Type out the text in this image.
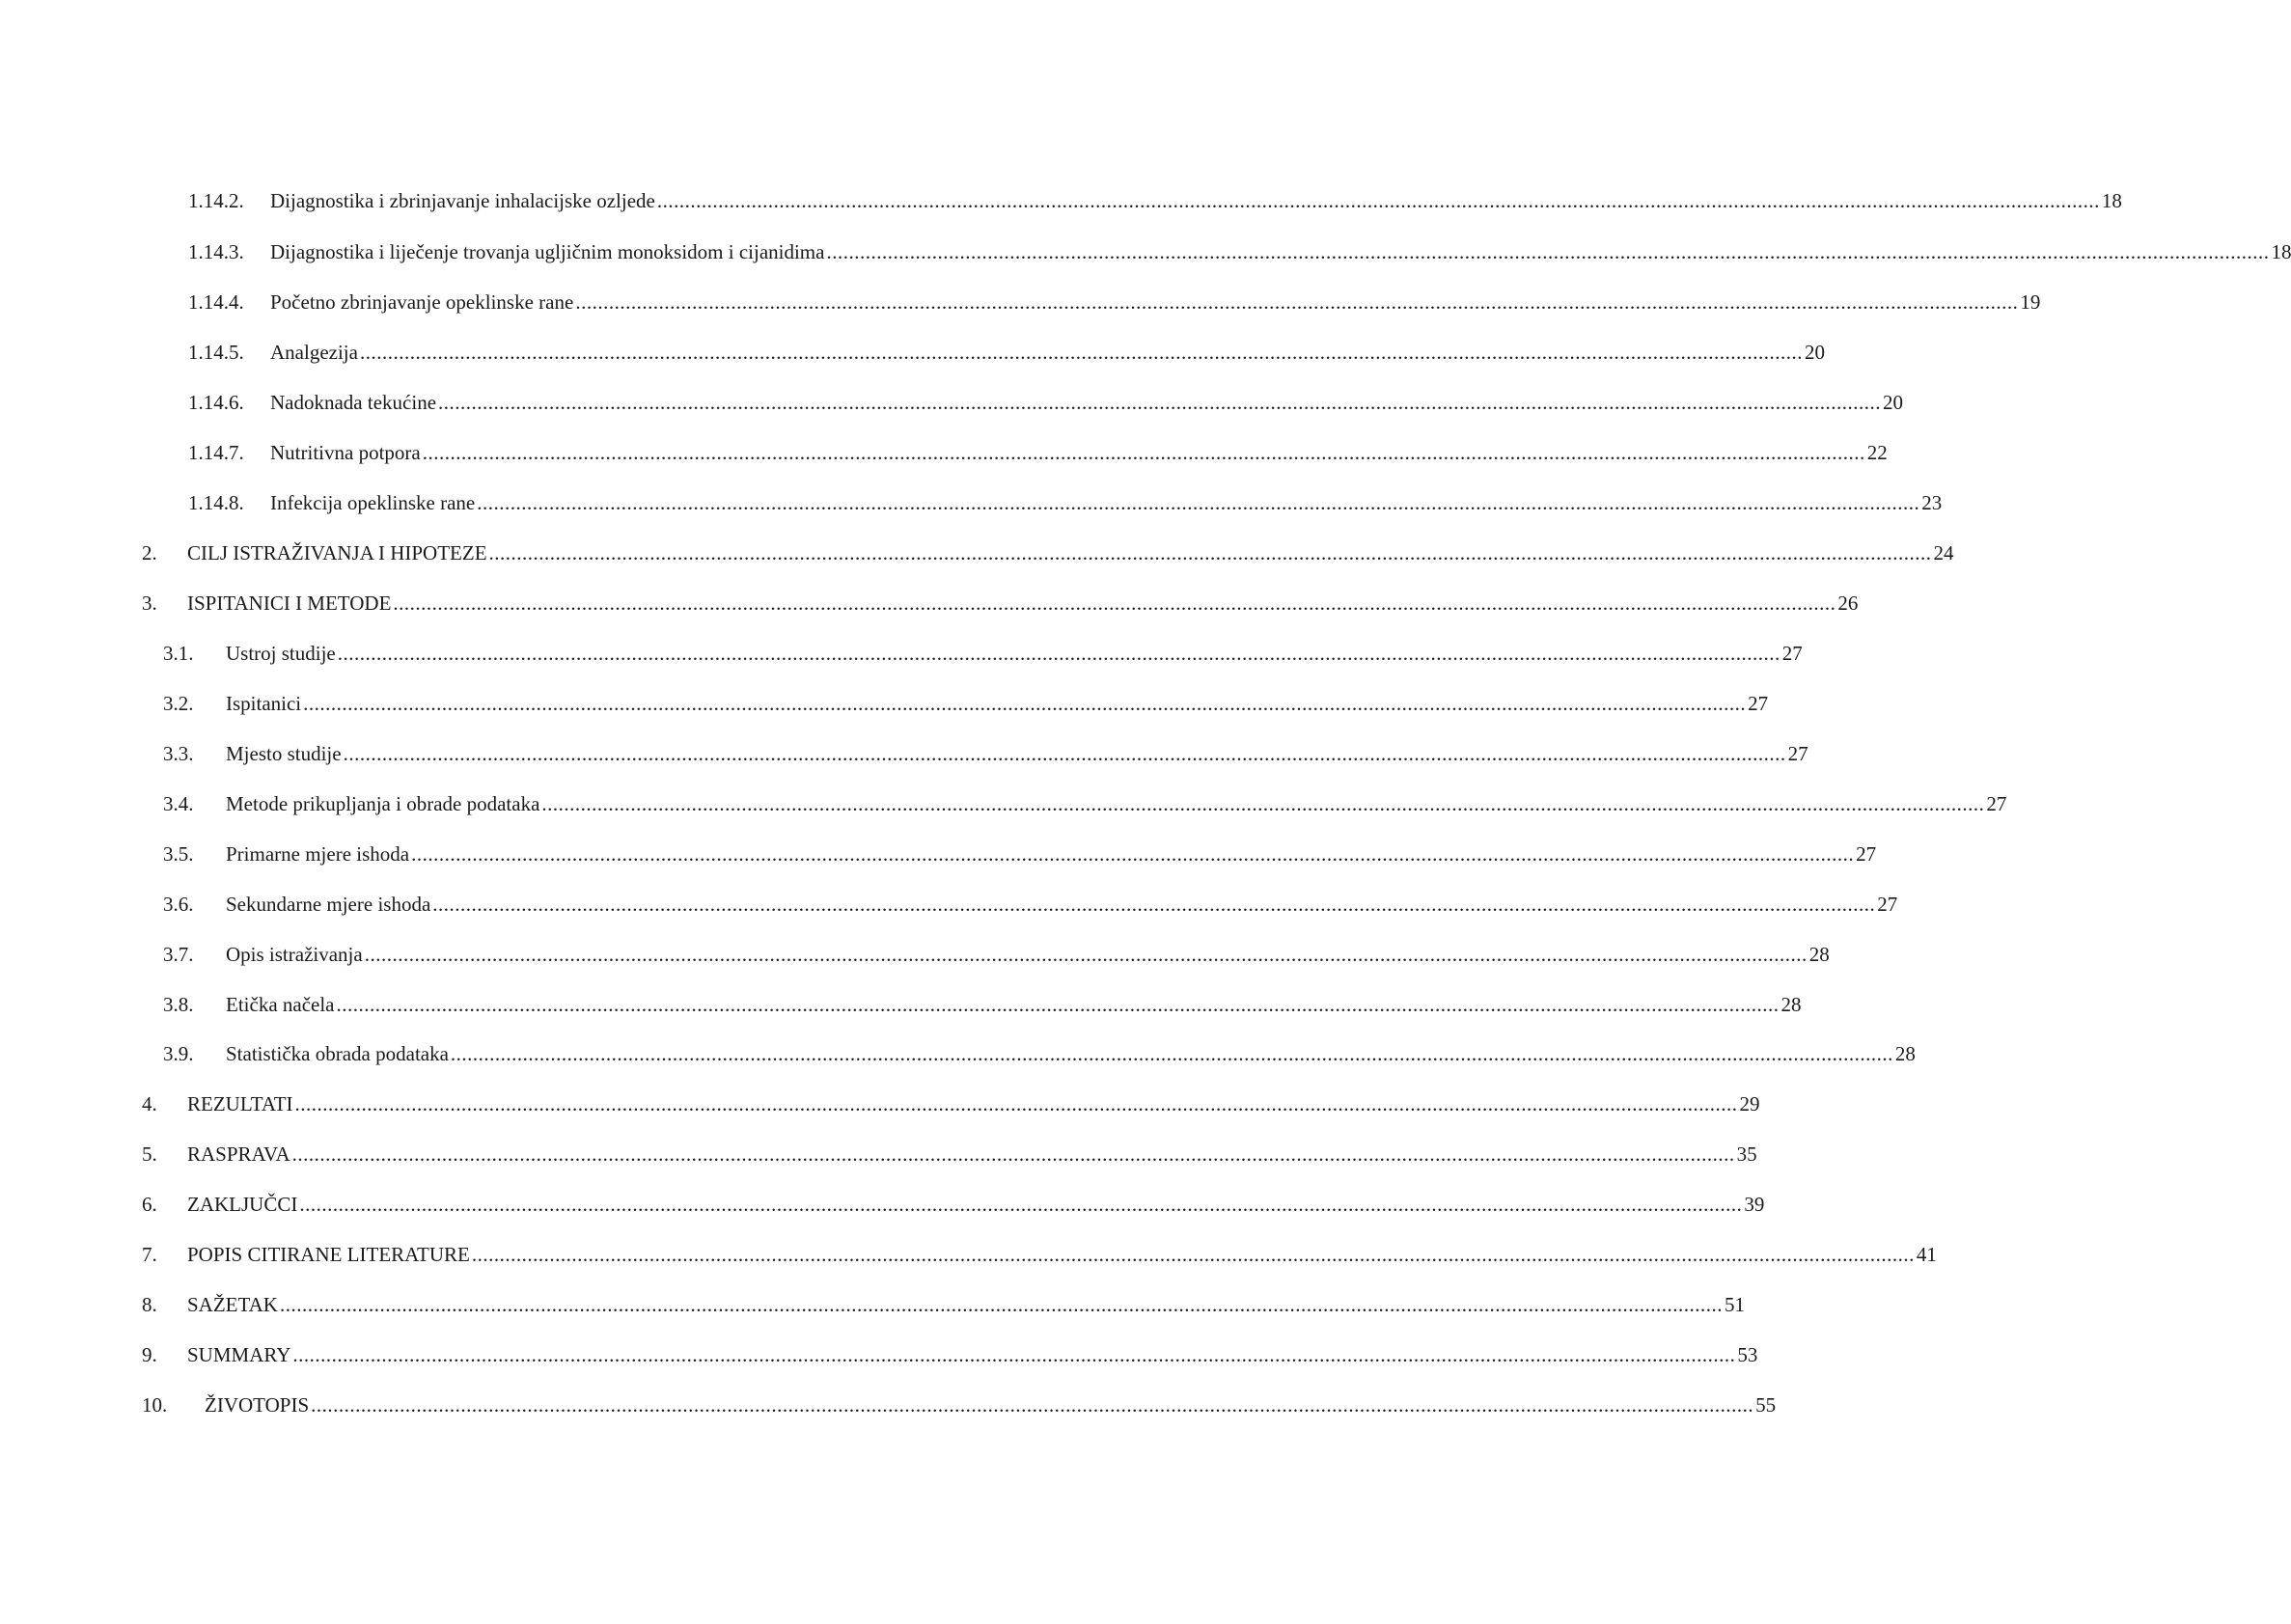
1.14.2. Dijagnostika i zbrinjavanje inhalacijske ozljede .................................................................................................................................................................................................................................................................... 18
1.14.3. Dijagnostika i liječenje trovanja ugljičnim monoksidom i cijanidima .................................................................................................................................................................................................................................................................... 18
1.14.4. Početno zbrinjavanje opeklinske rane .................................................................................................................................................................................................................................................................... 19
1.14.5. Analgezija .................................................................................................................................................................................................................................................................... 20
1.14.6. Nadoknada tekućine .................................................................................................................................................................................................................................................................... 20
1.14.7. Nutritivna potpora .................................................................................................................................................................................................................................................................... 22
1.14.8. Infekcija opeklinske rane .................................................................................................................................................................................................................................................................... 23
2. CILJ ISTRAŽIVANJA I HIPOTEZE .................................................................................................................................................................................................................................................................... 24
3. ISPITANICI I METODE .................................................................................................................................................................................................................................................................... 26
3.1. Ustroj studije .................................................................................................................................................................................................................................................................... 27
3.2. Ispitanici .................................................................................................................................................................................................................................................................... 27
3.3. Mjesto studije .................................................................................................................................................................................................................................................................... 27
3.4. Metode prikupljanja i obrade podataka .................................................................................................................................................................................................................................................................... 27
3.5. Primarne mjere ishoda .................................................................................................................................................................................................................................................................... 27
3.6. Sekundarne mjere ishoda .................................................................................................................................................................................................................................................................... 27
3.7. Opis istraživanja .................................................................................................................................................................................................................................................................... 28
3.8. Etička načela .................................................................................................................................................................................................................................................................... 28
3.9. Statistička obrada podataka .................................................................................................................................................................................................................................................................... 28
4. REZULTATI .................................................................................................................................................................................................................................................................... 29
5. RASPRAVA .................................................................................................................................................................................................................................................................... 35
6. ZAKLJUČCI .................................................................................................................................................................................................................................................................... 39
7. POPIS CITIRANE LITERATURE .................................................................................................................................................................................................................................................................... 41
8. SAŽETAK .................................................................................................................................................................................................................................................................... 51
9. SUMMARY .................................................................................................................................................................................................................................................................... 53
10. ŽIVOTOPIS .................................................................................................................................................................................................................................................................... 55
